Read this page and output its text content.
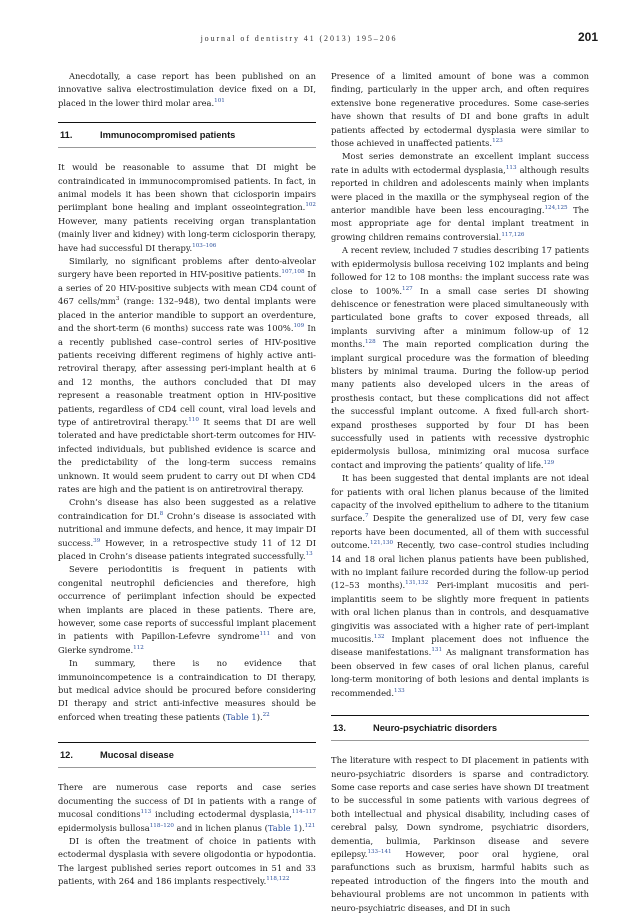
journal of dentistry 41 (2013) 195–206	201

Anecdotally, a case report has been published on an innovative saliva electrostimulation device fixed on a DI, placed in the lower third molar area.$^{101}$

11.	Immunocompromised patients

It would be reasonable to assume that DI might be contraindicated in immunocompromised patients. In fact, in animal models it has been shown that ciclosporin impairs periimplant bone healing and implant osseointegration.$^{102}$ However, many patients receiving organ transplantation (mainly liver and kidney) with long-term ciclosporin therapy, have had successful DI therapy.$^{103-106}$

Similarly, no significant problems after dento-alveolar surgery have been reported in HIV-positive patients.$^{107,108}$ In a series of 20 HIV-positive subjects with mean CD4 count of 467 cells/$mm^3$ (range: 132–948), two dental implants were placed in the anterior mandible to support an overdenture, and the short-term (6 months) success rate was 100%.$^{109}$ In a recently published case–control series of HIV-positive patients receiving different regimens of highly active anti-retroviral therapy, after assessing peri-implant health at 6 and 12 months, the authors concluded that DI may represent a reasonable treatment option in HIV-positive patients, regardless of CD4 cell count, viral load levels and type of antiretroviral therapy.$^{110}$ It seems that DI are well tolerated and have predictable short-term outcomes for HIV-infected individuals, but published evidence is scarce and the predictability of the long-term success remains unknown. It would seem prudent to carry out DI when CD4 rates are high and the patient is on antiretroviral therapy.

Crohn’s disease has also been suggested as a relative contraindication for DI.$^8$ Crohn’s disease is associated with nutritional and immune defects, and hence, it may impair DI success.$^{39}$ However, in a retrospective study 11 of 12 DI placed in Crohn’s disease patients integrated successfully.$^{13}$

Severe periodontitis is frequent in patients with congenital neutrophil deficiencies and therefore, high occurrence of periimplant infection should be expected when implants are placed in these patients. There are, however, some case reports of successful implant placement in patients with Papillon-Lefevre syndrome$^{111}$ and von Gierke syndrome.$^{112}$

In summary, there is no evidence that immunoincompetence is a contraindication to DI therapy, but medical advice should be procured before considering DI therapy and strict anti-infective measures should be enforced when treating these patients (Table 1).$^{22}$

12.	Mucosal disease

There are numerous case reports and case series documenting the success of DI in patients with a range of mucosal conditions$^{113}$ including ectodermal dysplasia,$^{114-117}$ epidermolysis bullosa$^{118-120}$ and in lichen planus (Table 1).$^{121}$

DI is often the treatment of choice in patients with ectodermal dysplasia with severe oligodontia or hypodontia. The largest published series report outcomes in 51 and 33 patients, with 264 and 186 implants respectively.$^{118,122}$

Presence of a limited amount of bone was a common finding, particularly in the upper arch, and often requires extensive bone regenerative procedures. Some case-series have shown that results of DI and bone grafts in adult patients affected by ectodermal dysplasia were similar to those achieved in unaffected patients.$^{123}$

Most series demonstrate an excellent implant success rate in adults with ectodermal dysplasia,$^{113}$ although results reported in children and adolescents mainly when implants were placed in the maxilla or the symphyseal region of the anterior mandible have been less encouraging.$^{124,125}$ The most appropriate age for dental implant treatment in growing children remains controversial.$^{117,126}$

A recent review, included 7 studies describing 17 patients with epidermolysis bullosa receiving 102 implants and being followed for 12 to 108 months: the implant success rate was close to 100%.$^{127}$ In a small case series DI showing dehiscence or fenestration were placed simultaneously with particulated bone grafts to cover exposed threads, all implants surviving after a minimum follow-up of 12 months.$^{128}$ The main reported complication during the implant surgical procedure was the formation of bleeding blisters by minimal trauma. During the follow-up period many patients also developed ulcers in the areas of prosthesis contact, but these complications did not affect the successful implant outcome. A fixed full-arch short-expand prostheses supported by four DI has been successfully used in patients with recessive dystrophic epidermolysis bullosa, minimizing oral mucosa surface contact and improving the patients’ quality of life.$^{129}$

It has been suggested that dental implants are not ideal for patients with oral lichen planus because of the limited capacity of the involved epithelium to adhere to the titanium surface.$^7$ Despite the generalized use of DI, very few case reports have been documented, all of them with successful outcome.$^{121,130}$ Recently, two case–control studies including 14 and 18 oral lichen planus patients have been published, with no implant failure recorded during the follow-up period (12–53 months).$^{131,132}$ Peri-implant mucositis and peri-implantitis seem to be slightly more frequent in patients with oral lichen planus than in controls, and desquamative gingivitis was associated with a higher rate of peri-implant mucositis.$^{132}$ Implant placement does not influence the disease manifestations.$^{131}$ As malignant transformation has been observed in few cases of oral lichen planus, careful long-term monitoring of both lesions and dental implants is recommended.$^{133}$

13.	Neuro-psychiatric disorders

The literature with respect to DI placement in patients with neuro-psychiatric disorders is sparse and contradictory. Some case reports and case series have shown DI treatment to be successful in some patients with various degrees of both intellectual and physical disability, including cases of cerebral palsy, Down syndrome, psychiatric disorders, dementia, bulimia, Parkinson disease and severe epilepsy.$^{133-141}$ However, poor oral hygiene, oral parafunctions such as bruxism, harmful habits such as repeated introduction of the fingers into the mouth and behavioural problems are not uncommon in patients with neuro-psychiatric diseases, and DI in such
